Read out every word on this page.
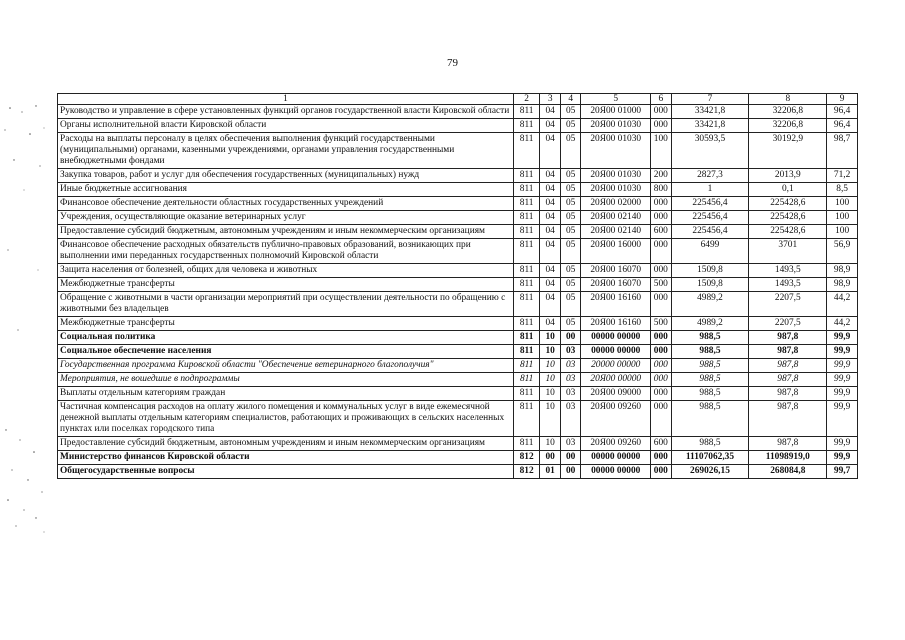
79
1	2	3	4	5	6	7	8	9
Руководство и управление в сфере установленных функций органов государственной власти Кировской области	811	04	05	20Я00 01000	000	33421,8	32206,8	96,4
Органы исполнительной власти Кировской области	811	04	05	20Я00 01030	000	33421,8	32206,8	96,4
Расходы на выплаты персоналу в целях обеспечения выполнения функций государственными (муниципальными) органами, казенными учреждениями, органами управления государственными внебюджетными фондами	811	04	05	20Я00 01030	100	30593,5	30192,9	98,7
Закупка товаров, работ и услуг для обеспечения государственных (муниципальных) нужд	811	04	05	20Я00 01030	200	2827,3	2013,9	71,2
Иные бюджетные ассигнования	811	04	05	20Я00 01030	800	1	0,1	8,5
Финансовое обеспечение деятельности областных государственных учреждений	811	04	05	20Я00 02000	000	225456,4	225428,6	100
Учреждения, осуществляющие оказание ветеринарных услуг	811	04	05	20Я00 02140	000	225456,4	225428,6	100
Предоставление субсидий бюджетным, автономным учреждениям и иным некоммерческим организациям	811	04	05	20Я00 02140	600	225456,4	225428,6	100
Финансовое обеспечение расходных обязательств публично-правовых образований, возникающих при выполнении ими переданных государственных полномочий Кировской области	811	04	05	20Я00 16000	000	6499	3701	56,9
Защита населения от болезней, общих для человека и животных	811	04	05	20Я00 16070	000	1509,8	1493,5	98,9
Межбюджетные трансферты	811	04	05	20Я00 16070	500	1509,8	1493,5	98,9
Обращение с животными в части организации мероприятий при осуществлении деятельности по обращению с животными без владельцев	811	04	05	20Я00 16160	000	4989,2	2207,5	44,2
Межбюджетные трансферты	811	04	05	20Я00 16160	500	4989,2	2207,5	44,2
Социальная политика	811	10	00	00000 00000	000	988,5	987,8	99,9
Социальное обеспечение населения	811	10	03	00000 00000	000	988,5	987,8	99,9
Государственная программа Кировской области "Обеспечение ветеринарного благополучия"	811	10	03	20000 00000	000	988,5	987,8	99,9
Мероприятия, не вошедшие в подпрограммы	811	10	03	20Я00 00000	000	988,5	987,8	99,9
Выплаты отдельным категориям граждан	811	10	03	20Я00 09000	000	988,5	987,8	99,9
Частичная компенсация расходов на оплату жилого помещения и коммунальных услуг в виде ежемесячной денежной выплаты отдельным категориям специалистов, работающих и проживающих в сельских населенных пунктах или поселках городского типа	811	10	03	20Я00 09260	000	988,5	987,8	99,9
Предоставление субсидий бюджетным, автономным учреждениям и иным некоммерческим организациям	811	10	03	20Я00 09260	600	988,5	987,8	99,9
Министерство финансов Кировской области	812	00	00	00000 00000	000	11107062,35	11098919,0	99,9
Общегосударственные вопросы	812	01	00	00000 00000	000	269026,15	268084,8	99,7
